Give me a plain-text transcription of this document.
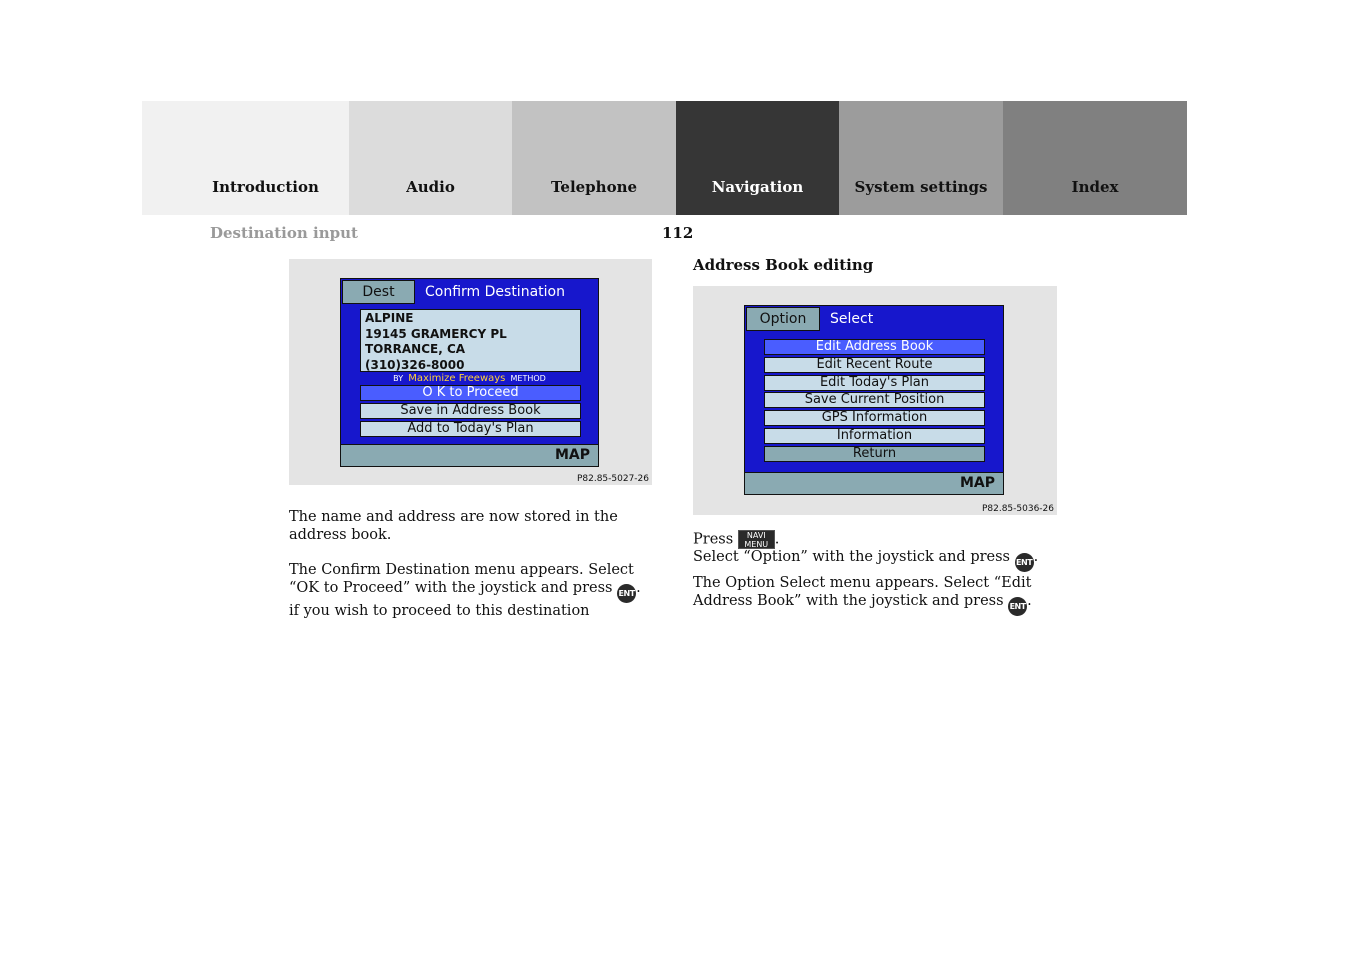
Introduction	Audio	Telephone	Navigation	System settings	Index
Destination input	112
Address Book editing
Dest	Confirm Destination
ALPINE
19145 GRAMERCY PL
TORRANCE, CA
(310)326-8000
BY Maximize Freeways METHOD
O K to Proceed
Save in Address Book
Add to Today's Plan
MAP
P82.85-5027-26
Option	Select
Edit Address Book
Edit Recent Route
Edit Today's Plan
Save Current Position
GPS Information
Information
Return
MAP
P82.85-5036-26
The name and address are now stored in the address book.
The Confirm Destination menu appears. Select “OK to Proceed” with the joystick and press ENT. if you wish to proceed to this destination
Press NAVI
MENU .
Select “Option” with the joystick and press ENT.
The Option Select menu appears. Select “Edit Address Book” with the joystick and press ENT.
